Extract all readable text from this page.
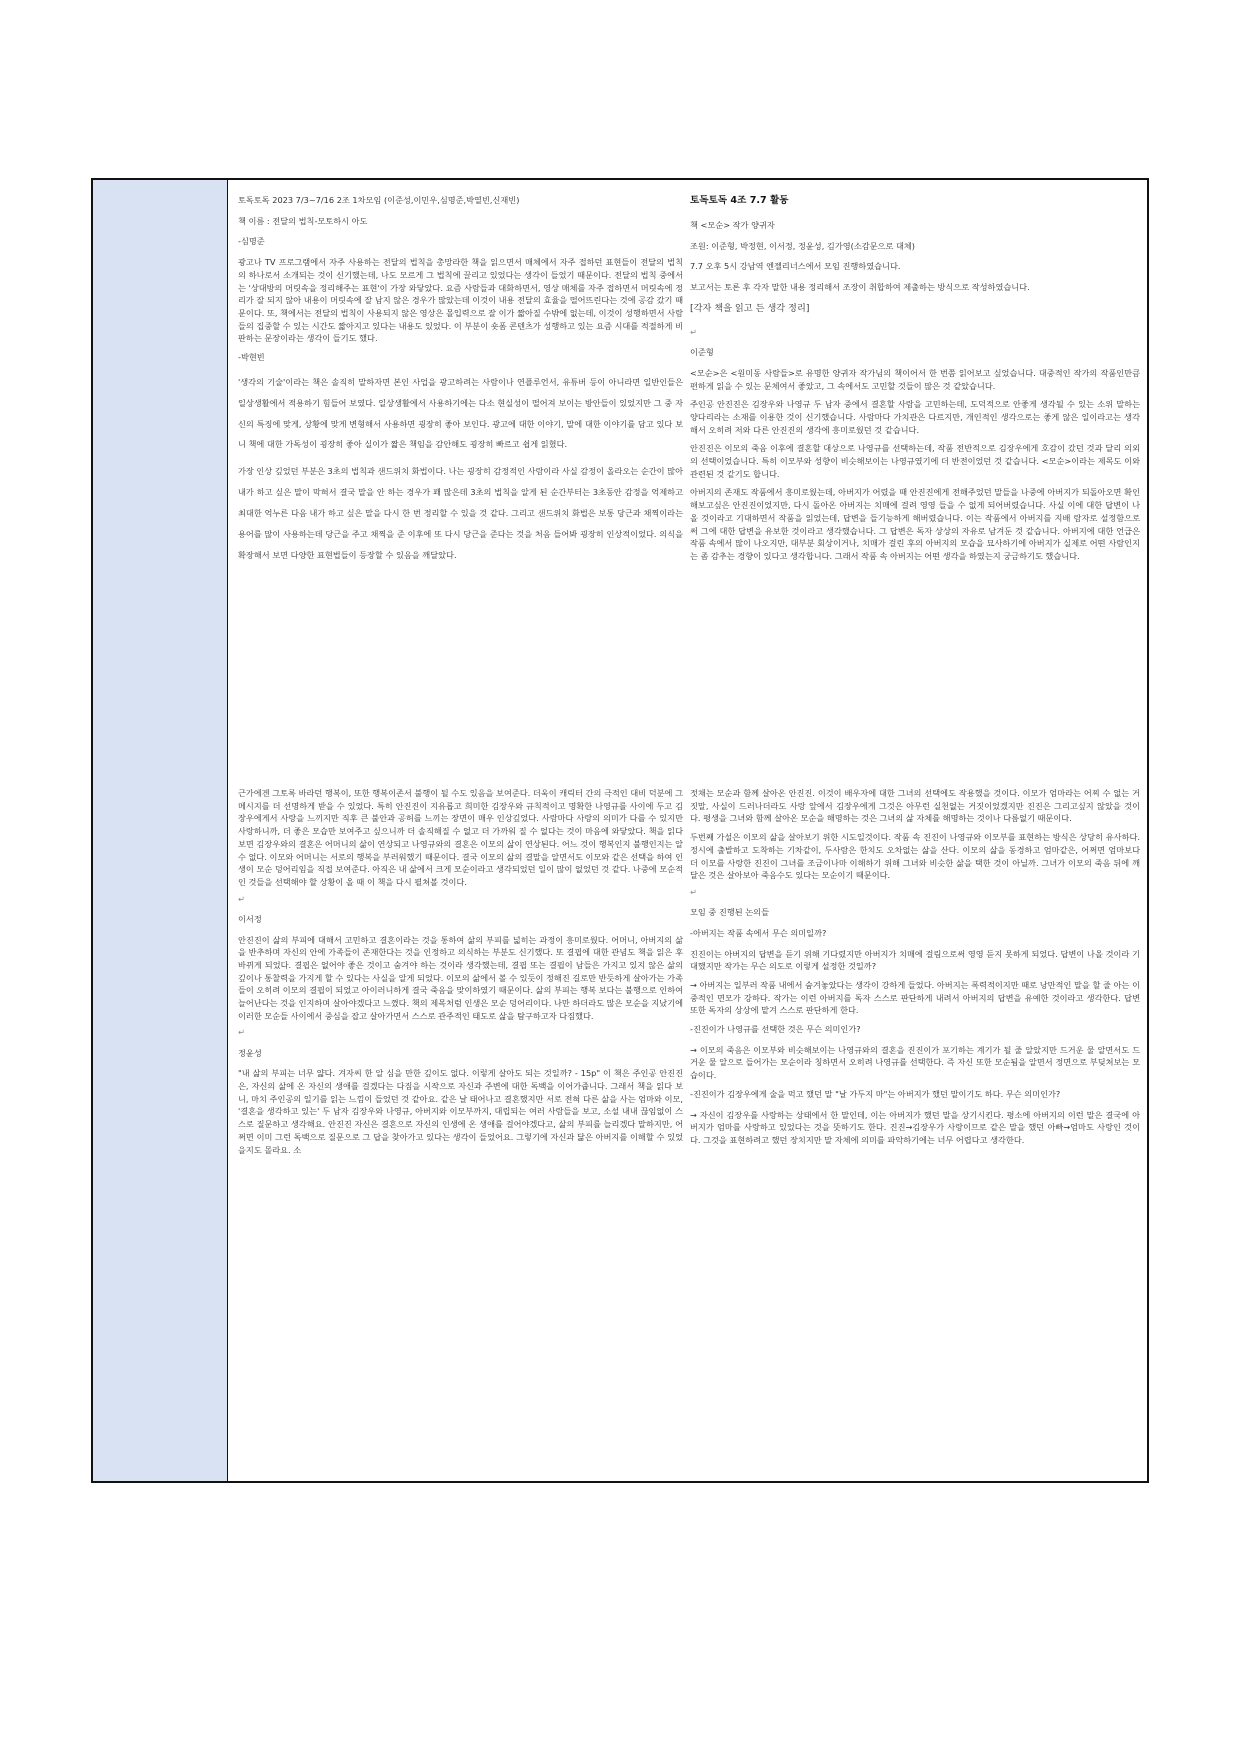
토독토독 2023 7/3~7/16 2조 1차모임 (이준성,이민우,심명준,박열빈,신재빈)

책 이름 : 전달의 법칙-모토하시 아도

-심명준

광고나 TV 프로그램에서 자주 사용하는 전달의 법칙을 총망라한 책을 읽으면서 매체에서 자주 접하던 표현들이 전달의 법칙의 하나로서 소개되는 것이 신기했는데, 나도 모르게 그 법칙에 끌리고 있었다는 생각이 들었기 때문이다. 전달의 법칙 중에서는 '상대방의 머릿속을 정리해주는 표현'이 가장 와닿았다. 요즘 사람들과 대화하면서, 영상 매체를 자주 접하면서 머릿속에 정리가 잘 되지 않아 내용이 머릿속에 잘 남지 않은 경우가 많았는데 이것이 내용 전달의 효율을 떨어뜨린다는 것에 공감 갔기 때문이다. 또, 책에서는 전달의 법칙이 사용되지 않은 영상은 몰입력으로 잘 이가 짧아질 수밖에 없는데, 이것이 성행하면서 사람들의 집중할 수 있는 시간도 짧아지고 있다는 내용도 있었다. 이 부분이 숏폼 콘텐츠가 성행하고 있는 요즘 시대를 적절하게 비판하는 문장이라는 생각이 들기도 했다.

-박현빈

'생각의 기술'이라는 책은 솔직히 말하자면 본인 사업을 광고하려는 사람이나 연플루언서, 유튜버 등이 아니라면 일반인들은 일상생활에서 적용하기 힘들어 보였다. 일상생활에서 사용하기에는 다소 현실성이 떨어져 보이는 방안들이 있었지만 그 중 자신의 특징에 맞게, 상황에 맞게 변형해서 사용하면 굉장히 좋아 보인다. 광고에 대한 이야기, 말에 대한 이야기를 담고 있다 보니 책에 대한 가독성이 굉장히 좋아 실이가 짧은 책임을 감안해도 굉장히 빠르고 쉽게 읽혔다.

가장 인상 깊었던 부분은 3초의 법칙과 샌드위치 화법이다. 나는 굉장히 감정적인 사람이라 사실 감정이 올라오는 순간이 많아 내가 하고 싶은 말이 막혀서 결국 말을 안 하는 경우가 꽤 많은데 3초의 법칙을 알게 된 순간부터는 3초동안 감정을 억제하고 최대한 억누른 다음 내가 하고 싶은 말을 다시 한 번 정리할 수 있을 것 같다. 그리고 샌드위치 화법은 보통 당근과 채찍이라는 용어를 많이 사용하는데 당근을 주고 채찍을 준 이후에 또 다시 당근을 준다는 것을 처음 들어봐 굉장히 인상적이었다. 의식을 확장해서 보면 다양한 표현법들이 등장할 수 있음을 깨달았다.

토독토독 4조 7.7 활동

책 <모순> 작가 양귀자

조원: 이준형, 박정현, 이서정, 정윤성, 김가영(소감문으로 대체)

7.7 오후 5시 강남역 엔젤리너스에서 모임 진행하였습니다.

보고서는 토론 후 각자 말한 내용 정리해서 조장이 취합하여 제출하는 방식으로 작성하였습니다.

[각자 책을 읽고 든 생각 정리]

↵

이준형

<모순>은 <원미동 사람들>로 유명한 양귀자 작가님의 책이어서 한 번쯤 읽어보고 싶었습니다. 대중적인 작가의 작품인만큼 편하게 읽을 수 있는 문체여서 좋았고, 그 속에서도 고민할 것들이 많은 것 같았습니다.

주인공 안진진은 김장우와 나영규 두 남자 중에서 결혼할 사람을 고민하는데, 도덕적으로 안좋게 생각될 수 있는 소위 말하는 양다리라는 소재를 이용한 것이 신기했습니다. 사람마다 가치관은 다르지만, 개인적인 생각으로는 좋게 않은 일이라고는 생각해서 오히려 저와 다른 안진진의 생각에 흥미로웠던 것 같습니다.

안진진은 이모의 죽음 이후에 결혼할 대상으로 나영규를 선택하는데, 작품 전반적으로 김장우에게 호감이 갔던 것과 달리 의외의 선택이었습니다. 특히 이모부와 성향이 비슷해보이는 나영규였기에 더 반전이었던 것 같습니다. <모순>이라는 제목도 이와 관련된 것 같기도 합니다.

아버지의 존재도 작품에서 흥미로웠는데, 아버지가 어렸을 때 안진진에게 전해주었던 말들을 나중에 아버지가 되돌아오면 확인해보고싶은 안진진이었지만, 다시 돌아온 아버지는 치매에 걸려 영영 들을 수 없게 되어버렸습니다. 사실 이에 대한 답변이 나올 것이라고 기대하면서 작품을 읽었는데, 답변을 들기능하게 해버렸습니다. 이는 작품에서 아버지를 지배 람자로 설정함으로써 그에 대한 답변을 유보한 것이라고 생각했습니다. 그 답변은 독자 상상의 자유로 남겨둔 것 같습니다. 아버지에 대한 언급은 작품 속에서 많이 나오지만, 대부분 회상이거나, 치매가 걸린 후의 아버지의 모습을 묘사하기에 아버지가 실제로 어떤 사람인지는 좀 감추는 경향이 있다고 생각합니다. 그래서 작품 속 아버지는 어떤 생각을 하였는지 궁금하기도 했습니다.

근가에겐 그토록 바라던 행복이, 또한 행복이존서 불행이 될 수도 있음을 보여준다. 더욱이 캐릭터 간의 극적인 대비 덕분에 그 메시지를 더 선명하게 받을 수 있었다. 특히 안진진이 지유롭고 희미한 김장우와 규칙적이고 명확한 나영규를 사이에 두고 김장우에게서 사랑을 느끼지만 직후 큰 불안과 공허를 느끼는 장면이 매우 인상깊었다. 사람마다 사랑의 의미가 다를 수 있지만 사랑하니까, 더 좋은 모습만 보여주고 싶으니까 더 솔직해질 수 없고 더 가까워 질 수 없다는 것이 마음에 와닿았다. 책을 읽다보면 김장우와의 결혼은 어머니의 삶이 연상되고 나영규와의 결혼은 이모의 삶이 연상된다. 어느 것이 행복인지 불행인지는 알 수 없다. 이모와 어머니는 서로의 행복을 부러워했기 때문이다. 결국 이모의 삶의 결말을 알면서도 이모와 같은 선택을 하여 인생이 모순 덩어리임을 직접 보여준다. 아직은 내 삶에서 크게 모순이라고 생각되었던 일이 많이 없었던 것 같다. 나중에 모순적인 것들을 선택해야 할 상황이 올 때 이 책을 다시 펼쳐볼 것이다.

↵

이서정

안진진이 삶의 부피에 대해서 고민하고 결혼이라는 것을 통하여 삶의 부피를 넓히는 과정이 흥미로웠다. 어머니, 아버지의 삶을 반추하며 자신의 안에 가족들이 존재한다는 것을 인정하고 의식하는 부분도 신기했다. 또 결핍에 대한 관념도 책을 읽은 후 바뀌게 되었다. 결핍은 없어야 좋은 것이고 숨겨야 하는 것이라 생각했는데, 결핍 또는 결핍이 남들은 가지고 있지 않은 삶의 깊이나 통찰력을 가지게 할 수 있다는 사실을 알게 되었다. 이모의 삶에서 볼 수 있듯이 정해진 길로만 반듯하게 살아가는 가족들이 오히려 이모의 결핍이 되었고 아이러니하게 결국 죽음을 맞이하였기 때문이다. 삶의 부피는 행복 보다는 불행으로 인하여 늘어난다는 것을 인지하며 살아야겠다고 느꼈다. 책의 제목처럼 인생은 모순 덩어리이다. 나만 하더라도 많은 모순을 지났기에 이러한 모순들 사이에서 중심을 잡고 살아가면서 스스로 관주적인 태도로 삶을 탐구하고자 다짐했다.

↵

정윤성

"내 삶의 부피는 너무 얇다. 겨자씨 한 알 심을 만한 깊이도 없다. 이렇게 살아도 되는 것일까? - 15p" 이 책은 주인공 안진진은, 자신의 삶에 온 자신의 생애를 걸겠다는 다짐을 시작으로 자신과 주변에 대한 독백을 이어가줍니다. 그래서 책을 읽다 보니, 마치 주인공의 일기를 읽는 느낌이 들었던 것 같아요. 같은 날 태어나고 결혼했지만 서로 전혀 다른 삶을 사는 엄마와 이모, '결혼을 생각하고 있는' 두 남자 김장우와 나영규, 아버지와 이모부까지, 대립되는 여러 사람들을 보고, 소설 내내 끊임없이 스스로 질문하고 생각해요. 안진진 자신은 결혼으로 자신의 인생에 온 생애를 걸어야겠다고, 삶의 부피를 늘리겠다 말하지만, 어쩌면 이미 그런 독백으로 질문으로 그 답을 찾아가고 있다는 생각이 들었어요. 그렇기에 자신과 닮은 아버지를 이해할 수 있었을지도 몰라요. 소

젓채는 모순과 함께 살아온 안진진. 이것이 배우자에 대한 그녀의 선택에도 작용했을 것이다. 이모가 엄마라는 어찌 수 없는 거짓말, 사실이 드러나더라도 사랑 앞에서 김장우에게 그것은 아무런 실천없는 거짓이었겠지만 진진은 그리고싶지 않았을 것이다. 평생을 그녀와 함께 살아온 모순을 해명하는 것은 그녀의 삶 자체를 해명하는 것이나 다름없기 때문이다.

두번째 가설은 이모의 삶을 살아보기 위한 시도일것이다. 작품 속 진진이 나영규와 이모부를 표현하는 방식은 상당히 유사하다. 정시에 출발하고 도착하는 기차같이, 두사람은 한치도 오차없는 삶을 산다. 이모의 삶을 동경하고 엄마같은, 어쩌면 엄마보다 더 이모를 사랑한 진진이 그녀를 조금이나마 이해하기 위해 그녀와 비슷한 삶을 택한 것이 아닐까. 그녀가 이모의 죽음 뒤에 깨달은 것은 살아보아 죽음수도 있다는 모순이기 때문이다.

↵

모임 중 진행된 논의들

-아버지는 작품 속에서 무슨 의미일까?

진진이는 아버지의 답변을 듣기 위해 기다렸지만 아버지가 치매에 걸림으로써 영영 듣지 못하게 되었다. 답변이 나올 것이라 기대했지만 작가는 무슨 의도로 이렇게 설정한 것일까?

→ 아버지는 일부러 작품 내에서 숨겨놓았다는 생각이 강하게 들었다. 아버지는 폭력적이지만 때로 낭만적인 말을 할 줄 아는 이중적인 면모가 강하다. 작가는 이런 아버지를 독자 스스로 판단하게 내려서 아버지의 답변을 유예한 것이라고 생각한다. 답변 또한 독자의 상상에 맡겨 스스로 판단하게 한다.

-진진이가 나영규를 선택한 것은 무슨 의미인가?

→ 이모의 죽음은 이모부와 비슷해보이는 나영규와의 결혼을 진진이가 포기하는 계기가 될 줄 알았지만 드거운 물 알면서도 드거운 물 알으로 들어가는 모순이라 칭하면서 오히려 나영규를 선택한다. 즉 자신 또한 모순됨을 알면서 정면으로 부딪쳐보는 모습이다.

-진진이가 김장우에게 술을 먹고 했던 말 "날 가두지 마"는 아버지가 했던 말이기도 하다. 무슨 의미인가?

→ 자신이 김장우를 사랑하는 상태에서 한 말인데, 이는 아버지가 했던 말을 상기시킨다. 평소에 아버지의 이런 말은 결국에 아버지가 엄마를 사랑하고 있었다는 것을 뜻하기도 한다. 진진→김장우가 사랑이므로 같은 말을 했던 아빠→엄마도 사랑인 것이다. 그것을 표현하려고 했던 장치지만 말 자체에 의미를 파악하기에는 너무 어렵다고 생각한다.
